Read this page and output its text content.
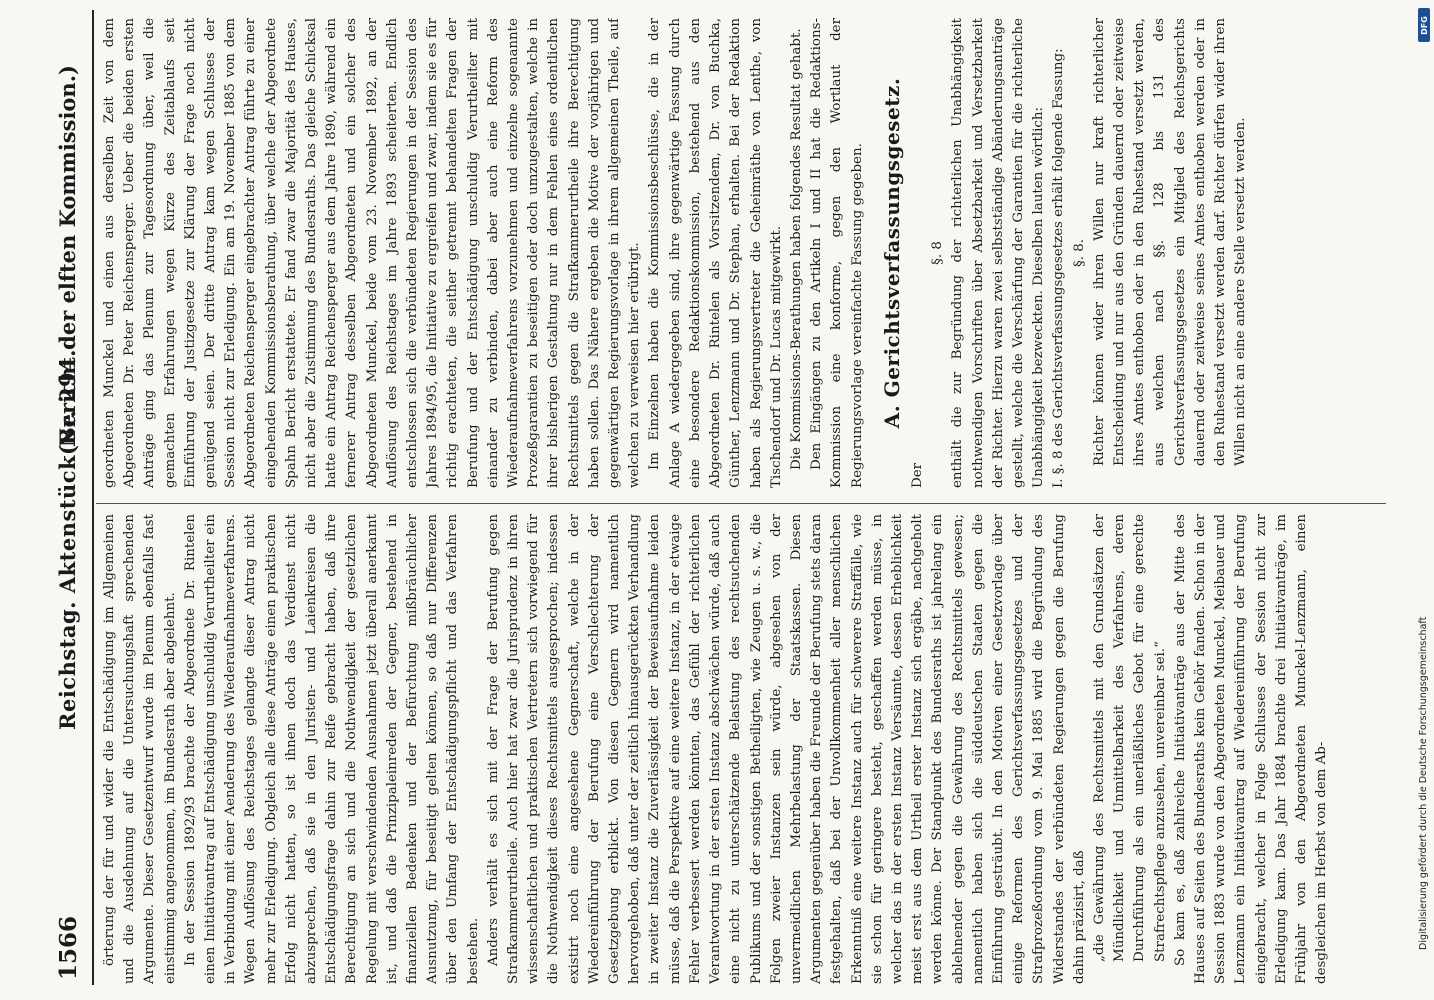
1566
Reichstag. Aktenstück Nr. 294.
(Bericht der elften Kommission.)

örterung der für und wider die Entschädigung im Allgemeinen und die Ausdehnung auf die Untersuchungshaft sprechenden Argumente. Dieser Gesetzentwurf wurde im Plenum ebenfalls fast einstimmig angenommen, im Bundesrath aber abgelehnt. In der Session 1892/93 brachte der Abgeordnete Dr. Rintelen einen Initiativantrag auf Entschädigung unschuldig Verurtheilter ein in Verbindung mit einer Aenderung des Wiederaufnahmeverfahrens. Wegen Auflösung des Reichstages gelangte dieser Antrag nicht mehr zur Erledigung. Obgleich alle diese Anträge einen praktischen Erfolg nicht hatten, so ist ihnen doch das Verdienst nicht abzusprechen, daß sie in den Juristen- und Laienkreisen die Entschädigungsfrage dahin zur Reife gebracht haben, daß ihre Berechtigung an sich und die Nothwendigkeit der gesetzlichen Regelung mit verschwindenden Ausnahmen jetzt überall anerkannt ist, und daß die Prinzipaleinreden der Gegner, bestehend in finanziellen Bedenken und der Befürchtung mißbräuchlicher Ausnutzung, für beseitigt gelten können, so daß nur Differenzen über den Umfang der Entschädigungspflicht und das Verfahren bestehen. Anders verhält es sich mit der Frage der Berufung gegen Strafkammerurtheile. Auch hier hat zwar die Jurisprudenz in ihren wissenschaftlichen und praktischen Vertretern sich vorwiegend für die Nothwendigkeit dieses Rechtsmittels ausgesprochen; indessen existirt noch eine angesehene Gegnerschaft, welche in der Wiedereinführung der Berufung eine Verschlechterung der Gesetzgebung erblickt. Von diesen Gegnern wird namentlich hervorgehoben, daß unter der zeitlich hinausgerückten Verhandlung in zweiter Instanz die Zuverlässigkeit der Beweisaufnahme leiden müsse, daß die Perspektive auf eine weitere Instanz, in der etwaige Fehler verbessert werden könnten, das Gefühl der richterlichen Verantwortung in der ersten Instanz abschwächen würde, daß auch eine nicht zu unterschätzende Belastung des rechtsuchenden Publikums und der sonstigen Betheiligten, wie Zeugen u. s. w., die Folgen zweier Instanzen sein würde, abgesehen von der unvermeidlichen Mehrbelastung der Staatskassen. Diesen Argumenten gegenüber haben die Freunde der Berufung stets daran festgehalten, daß bei der Unvollkommenheit aller menschlichen Erkenntniß eine weitere Instanz auch für schwerere Straffälle, wie sie schon für geringere besteht, geschaffen werden müsse, in welcher das in der ersten Instanz Versäumte, dessen Erheblichkeit meist erst aus dem Urtheil erster Instanz sich ergäbe, nachgeholt werden könne. Der Standpunkt des Bundesraths ist jahrelang ein ablehnender gegen die Gewährung des Rechtsmittels gewesen; namentlich haben sich die süddeutschen Staaten gegen die Einführung gesträubt. In den Motiven einer Gesetzvorlage über einige Reformen des Gerichtsverfassungsgesetzes und der Strafprozeßordnung vom 9. Mai 1885 wird die Begründung des Widerstandes der verbündeten Regierungen gegen die Berufung dahin präzisirt, daß „die Gewährung des Rechtsmittels mit den Grundsätzen der Mündlichkeit und Unmittelbarkeit des Verfahrens, deren Durchführung als ein unerläßliches Gebot für eine gerechte Strafrechtspflege anzusehen, unvereinbar sei.“ So kam es, daß zahlreiche Initiativanträge aus der Mitte des Hauses auf Seiten des Bundesraths kein Gehör fanden. Schon in der Session 1883 wurde von den Abgeordneten Munckel, Meibauer und Lenzmann ein Initiativantrag auf Wiedereinführung der Berufung eingebracht, welcher in Folge Schlusses der Session nicht zur Erledigung kam. Das Jahr 1884 brachte drei Initiativanträge, im Frühjahr von den Abgeordneten Munckel-Lenzmann, einen desgleichen im Herbst von dem Ab-

geordneten Munckel und einen aus derselben Zeit von dem Abgeordneten Dr. Peter Reichensperger. Ueber die beiden ersten Anträge ging das Plenum zur Tagesordnung über, weil die gemachten Erfahrungen wegen Kürze des Zeitablaufs seit Einführung der Justizgesetze zur Klärung der Frage noch nicht genügend seien. Der dritte Antrag kam wegen Schlusses der Session nicht zur Erledigung. Ein am 19. November 1885 von dem Abgeordneten Reichensperger eingebrachter Antrag führte zu einer eingehenden Kommissionsberathung, über welche der Abgeordnete Spahn Bericht erstattete. Er fand zwar die Majorität des Hauses, nicht aber die Zustimmung des Bundesraths. Das gleiche Schicksal hatte ein Antrag Reichensperger aus dem Jahre 1890, während ein fernerer Antrag desselben Abgeordneten und ein solcher des Abgeordneten Munckel, beide vom 23. November 1892, an der Auflösung des Reichstages im Jahre 1893 scheiterten. Endlich entschlossen sich die verbündeten Regierungen in der Session des Jahres 1894/95, die Initiative zu ergreifen und zwar, indem sie es für richtig erachteten, die seither getrennt behandelten Fragen der Berufung und der Entschädigung unschuldig Verurtheilter mit einander zu verbinden, dabei aber auch eine Reform des Wiederaufnahmeverfahrens vorzunehmen und einzelne sogenannte Prozeßgarantien zu beseitigen oder doch umzugestalten, welche in ihrer bisherigen Gestaltung nur in dem Fehlen eines ordentlichen Rechtsmittels gegen die Strafkammerurtheile ihre Berechtigung haben sollen. Das Nähere ergeben die Motive der vorjährigen und gegenwärtigen Regierungsvorlage in ihrem allgemeinen Theile, auf welchen zu verweisen hier erübrigt. Im Einzelnen haben die Kommissionsbeschlüsse, die in der Anlage A wiedergegeben sind, ihre gegenwärtige Fassung durch eine besondere Redaktionskommission, bestehend aus den Abgeordneten Dr. Rintelen als Vorsitzendem, Dr. von Buchka, Günther, Lenzmann und Dr. Stephan, erhalten. Bei der Redaktion haben als Regierungsvertreter die Geheimräthe von Lenthe, von Tischendorf und Dr. Lucas mitgewirkt. Die Kommissions-Berathungen haben folgendes Resultat gehabt. Den Eingängen zu den Artikeln I und II hat die Redaktions-Kommission eine konforme, gegen den Wortlaut der Regierungsvorlage vereinfachte Fassung gegeben. A. Gerichtsverfassungsgesetz.

Der

§. 8 enthält die zur Begründung der richterlichen Unabhängigkeit nothwendigen Vorschriften über Absetzbarkeit und Versetzbarkeit der Richter. Hierzu waren zwei selbstständige Abänderungsanträge gestellt, welche die Verschärfung der Garantien für die richterliche Unabhängigkeit bezweckten. Dieselben lauten wörtlich: I. §. 8 des Gerichtsverfassungsgesetzes erhält folgende Fassung: §. 8. Richter können wider ihren Willen nur kraft richterlicher Entscheidung und nur aus den Gründen dauernd oder zeitweise ihres Amtes enthoben oder in den Ruhestand versetzt werden, aus welchen nach §§. 128 bis 131 des Gerichtsverfassungsgesetzes ein Mitglied des Reichsgerichts dauernd oder zeitweise seines Amtes enthoben werden oder in den Ruhestand versetzt werden darf. Richter dürfen wider ihren Willen nicht an eine andere Stelle versetzt werden.

DFG
Digitalisierung gefördert durch die Deutsche Forschungsgemeinschaft
